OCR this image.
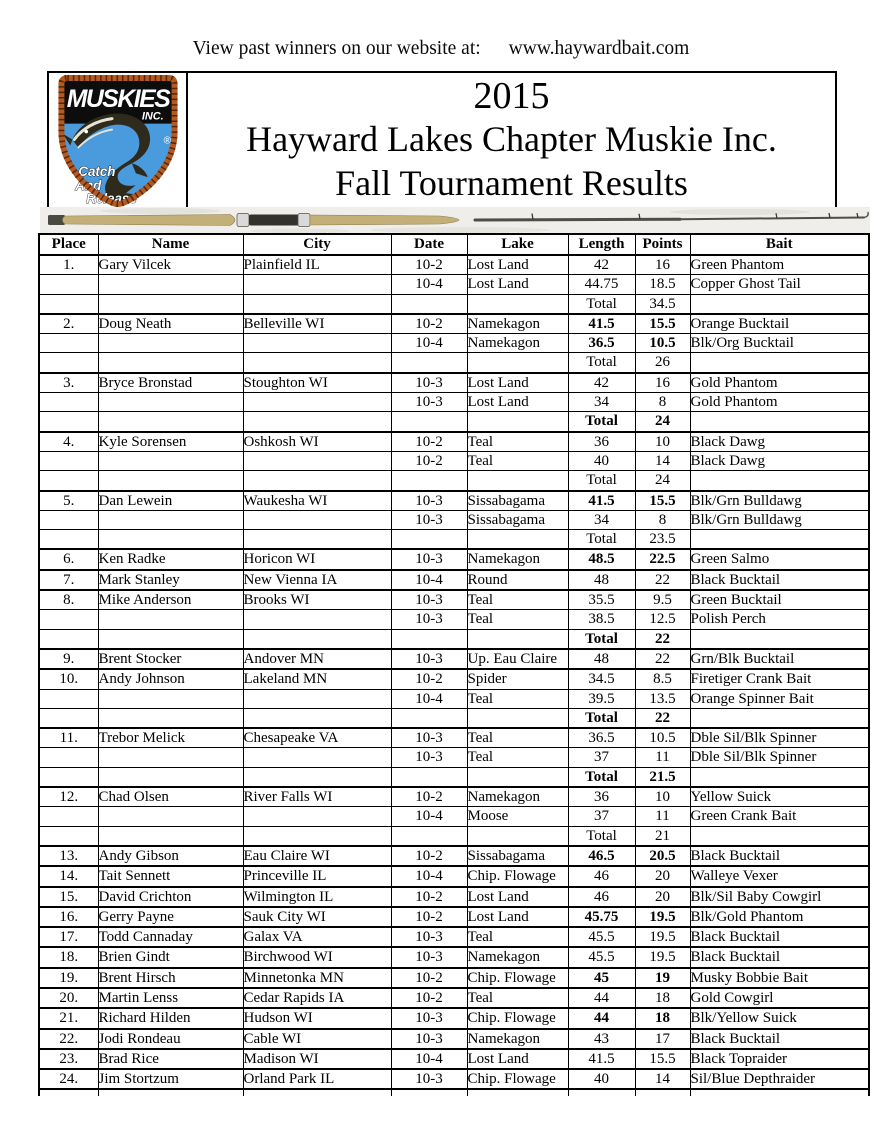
View past winners on our website at: www.haywardbait.com
MUSKIES
INC.
®
Catch
And
Release
2015
Hayward Lakes Chapter Muskie Inc.
Fall Tournament Results
Place	Name	City	Date	Lake	Length	Points	Bait
1.	Gary Vilcek	Plainfield IL	10-2	Lost Land	42	16	Green Phantom
			10-4	Lost Land	44.75	18.5	Copper Ghost Tail
					Total	34.5	
2.	Doug Neath	Belleville WI	10-2	Namekagon	41.5	15.5	Orange Bucktail
			10-4	Namekagon	36.5	10.5	Blk/Org Bucktail
					Total	26	
3.	Bryce Bronstad	Stoughton WI	10-3	Lost Land	42	16	Gold Phantom
			10-3	Lost Land	34	8	Gold Phantom
					Total	24	
4.	Kyle Sorensen	Oshkosh WI	10-2	Teal	36	10	Black Dawg
			10-2	Teal	40	14	Black Dawg
					Total	24	
5.	Dan Lewein	Waukesha WI	10-3	Sissabagama	41.5	15.5	Blk/Grn Bulldawg
			10-3	Sissabagama	34	8	Blk/Grn Bulldawg
					Total	23.5	
6.	Ken Radke	Horicon WI	10-3	Namekagon	48.5	22.5	Green Salmo
7.	Mark Stanley	New Vienna IA	10-4	Round	48	22	Black Bucktail
8.	Mike Anderson	Brooks WI	10-3	Teal	35.5	9.5	Green Bucktail
			10-3	Teal	38.5	12.5	Polish Perch
					Total	22	
9.	Brent Stocker	Andover MN	10-3	Up. Eau Claire	48	22	Grn/Blk Bucktail
10.	Andy Johnson	Lakeland MN	10-2	Spider	34.5	8.5	Firetiger Crank Bait
			10-4	Teal	39.5	13.5	Orange Spinner Bait
					Total	22	
11.	Trebor Melick	Chesapeake VA	10-3	Teal	36.5	10.5	Dble Sil/Blk Spinner
			10-3	Teal	37	11	Dble Sil/Blk Spinner
					Total	21.5	
12.	Chad Olsen	River Falls WI	10-2	Namekagon	36	10	Yellow Suick
			10-4	Moose	37	11	Green Crank Bait
					Total	21	
13.	Andy Gibson	Eau Claire WI	10-2	Sissabagama	46.5	20.5	Black Bucktail
14.	Tait Sennett	Princeville IL	10-4	Chip. Flowage	46	20	Walleye Vexer
15.	David Crichton	Wilmington IL	10-2	Lost Land	46	20	Blk/Sil Baby Cowgirl
16.	Gerry Payne	Sauk City WI	10-2	Lost Land	45.75	19.5	Blk/Gold Phantom
17.	Todd Cannaday	Galax VA	10-3	Teal	45.5	19.5	Black Bucktail
18.	Brien Gindt	Birchwood WI	10-3	Namekagon	45.5	19.5	Black Bucktail
19.	Brent Hirsch	Minnetonka MN	10-2	Chip. Flowage	45	19	Musky Bobbie Bait
20.	Martin Lenss	Cedar Rapids IA	10-2	Teal	44	18	Gold Cowgirl
21.	Richard Hilden	Hudson WI	10-3	Chip. Flowage	44	18	Blk/Yellow Suick
22.	Jodi Rondeau	Cable WI	10-3	Namekagon	43	17	Black Bucktail
23.	Brad Rice	Madison WI	10-4	Lost Land	41.5	15.5	Black Topraider
24.	Jim Stortzum	Orland Park IL	10-3	Chip. Flowage	40	14	Sil/Blue Depthraider
